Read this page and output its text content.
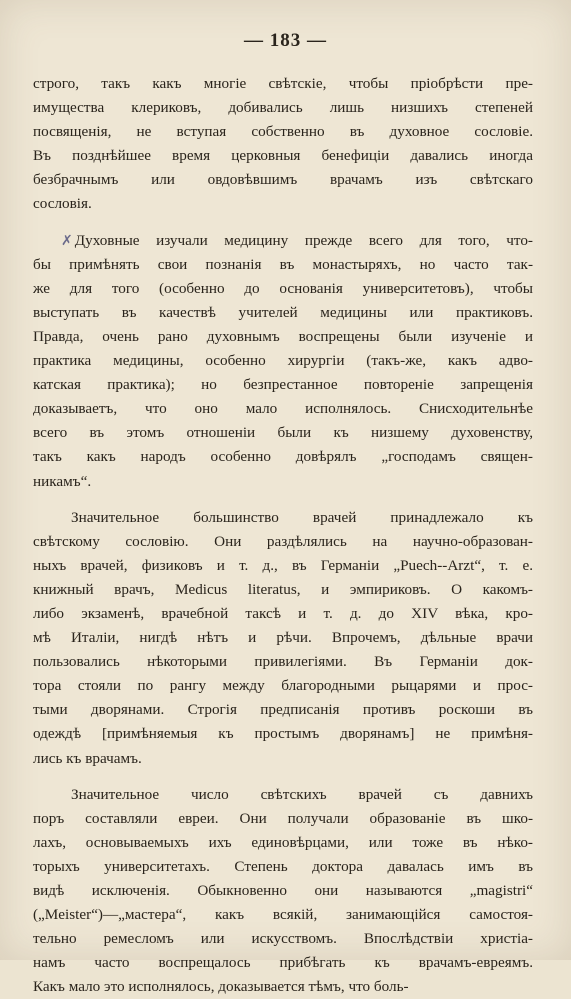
— 183 —
строго, такъ какъ многіе свѣтскіе, чтобы пріобрѣсти пре-
имущества клериковъ, добивались лишь низшихъ степеней
посвященія, не вступая собственно въ духовное сословіе.
Въ позднѣйшее время церковныя бенефиціи давались иногда
безбрачнымъ или овдовѣвшимъ врачамъ изъ свѣтскаго
сословія.
✗ Духовные изучали медицину прежде всего для того, что-
бы примѣнять свои познанія въ монастыряхъ, но часто так-
же для того (особенно до основанія университетовъ), чтобы
выступать въ качествѣ учителей медицины или практиковъ.
Правда, очень рано духовнымъ воспрещены были изученіе и
практика медицины, особенно хирургіи (такъ-же, какъ адво-
катская практика); но безпрестанное повтореніе запрещенія
доказываетъ, что оно мало исполнялось. Снисходительнѣе
всего въ этомъ отношеніи были къ низшему духовенству,
такъ какъ народъ особенно довѣрялъ „господамъ священ-
никамъ“.
Значительное большинство врачей принадлежало къ
свѣтскому сословію. Они раздѣлялись на научно-образован-
ныхъ врачей, физиковъ и т. д., въ Германіи „Puech--Arzt“, т. е.
книжный врачъ, Medicus literatus, и эмпириковъ. О какомъ-
либо экзаменѣ, врачебной таксѣ и т. д. до XIV вѣка, кро-
мѣ Италіи, нигдѣ нѣтъ и рѣчи. Впрочемъ, дѣльные врачи
пользовались нѣкоторыми привилегіями. Въ Германіи док-
тора стояли по рангу между благородными рыцарями и прос-
тыми дворянами. Строгія предписанія противъ роскоши въ
одеждѣ [примѣняемыя къ простымъ дворянамъ] не примѣня-
лись къ врачамъ.
Значительное число свѣтскихъ врачей съ давнихъ
поръ составляли евреи. Они получали образованіе въ шко-
лахъ, основываемыхъ ихъ единовѣрцами, или тоже въ нѣко-
торыхъ университетахъ. Степень доктора давалась имъ въ
видѣ исключенія. Обыкновенно они называются „magistri“
(„Meister“)—„мастера“, какъ всякій, занимающійся самостоя-
тельно ремесломъ или искусствомъ. Впослѣдствіи христіа-
намъ часто воспрещалось прибѣгать къ врачамъ-евреямъ.
Какъ мало это исполнялось, доказывается тѣмъ, что боль-
